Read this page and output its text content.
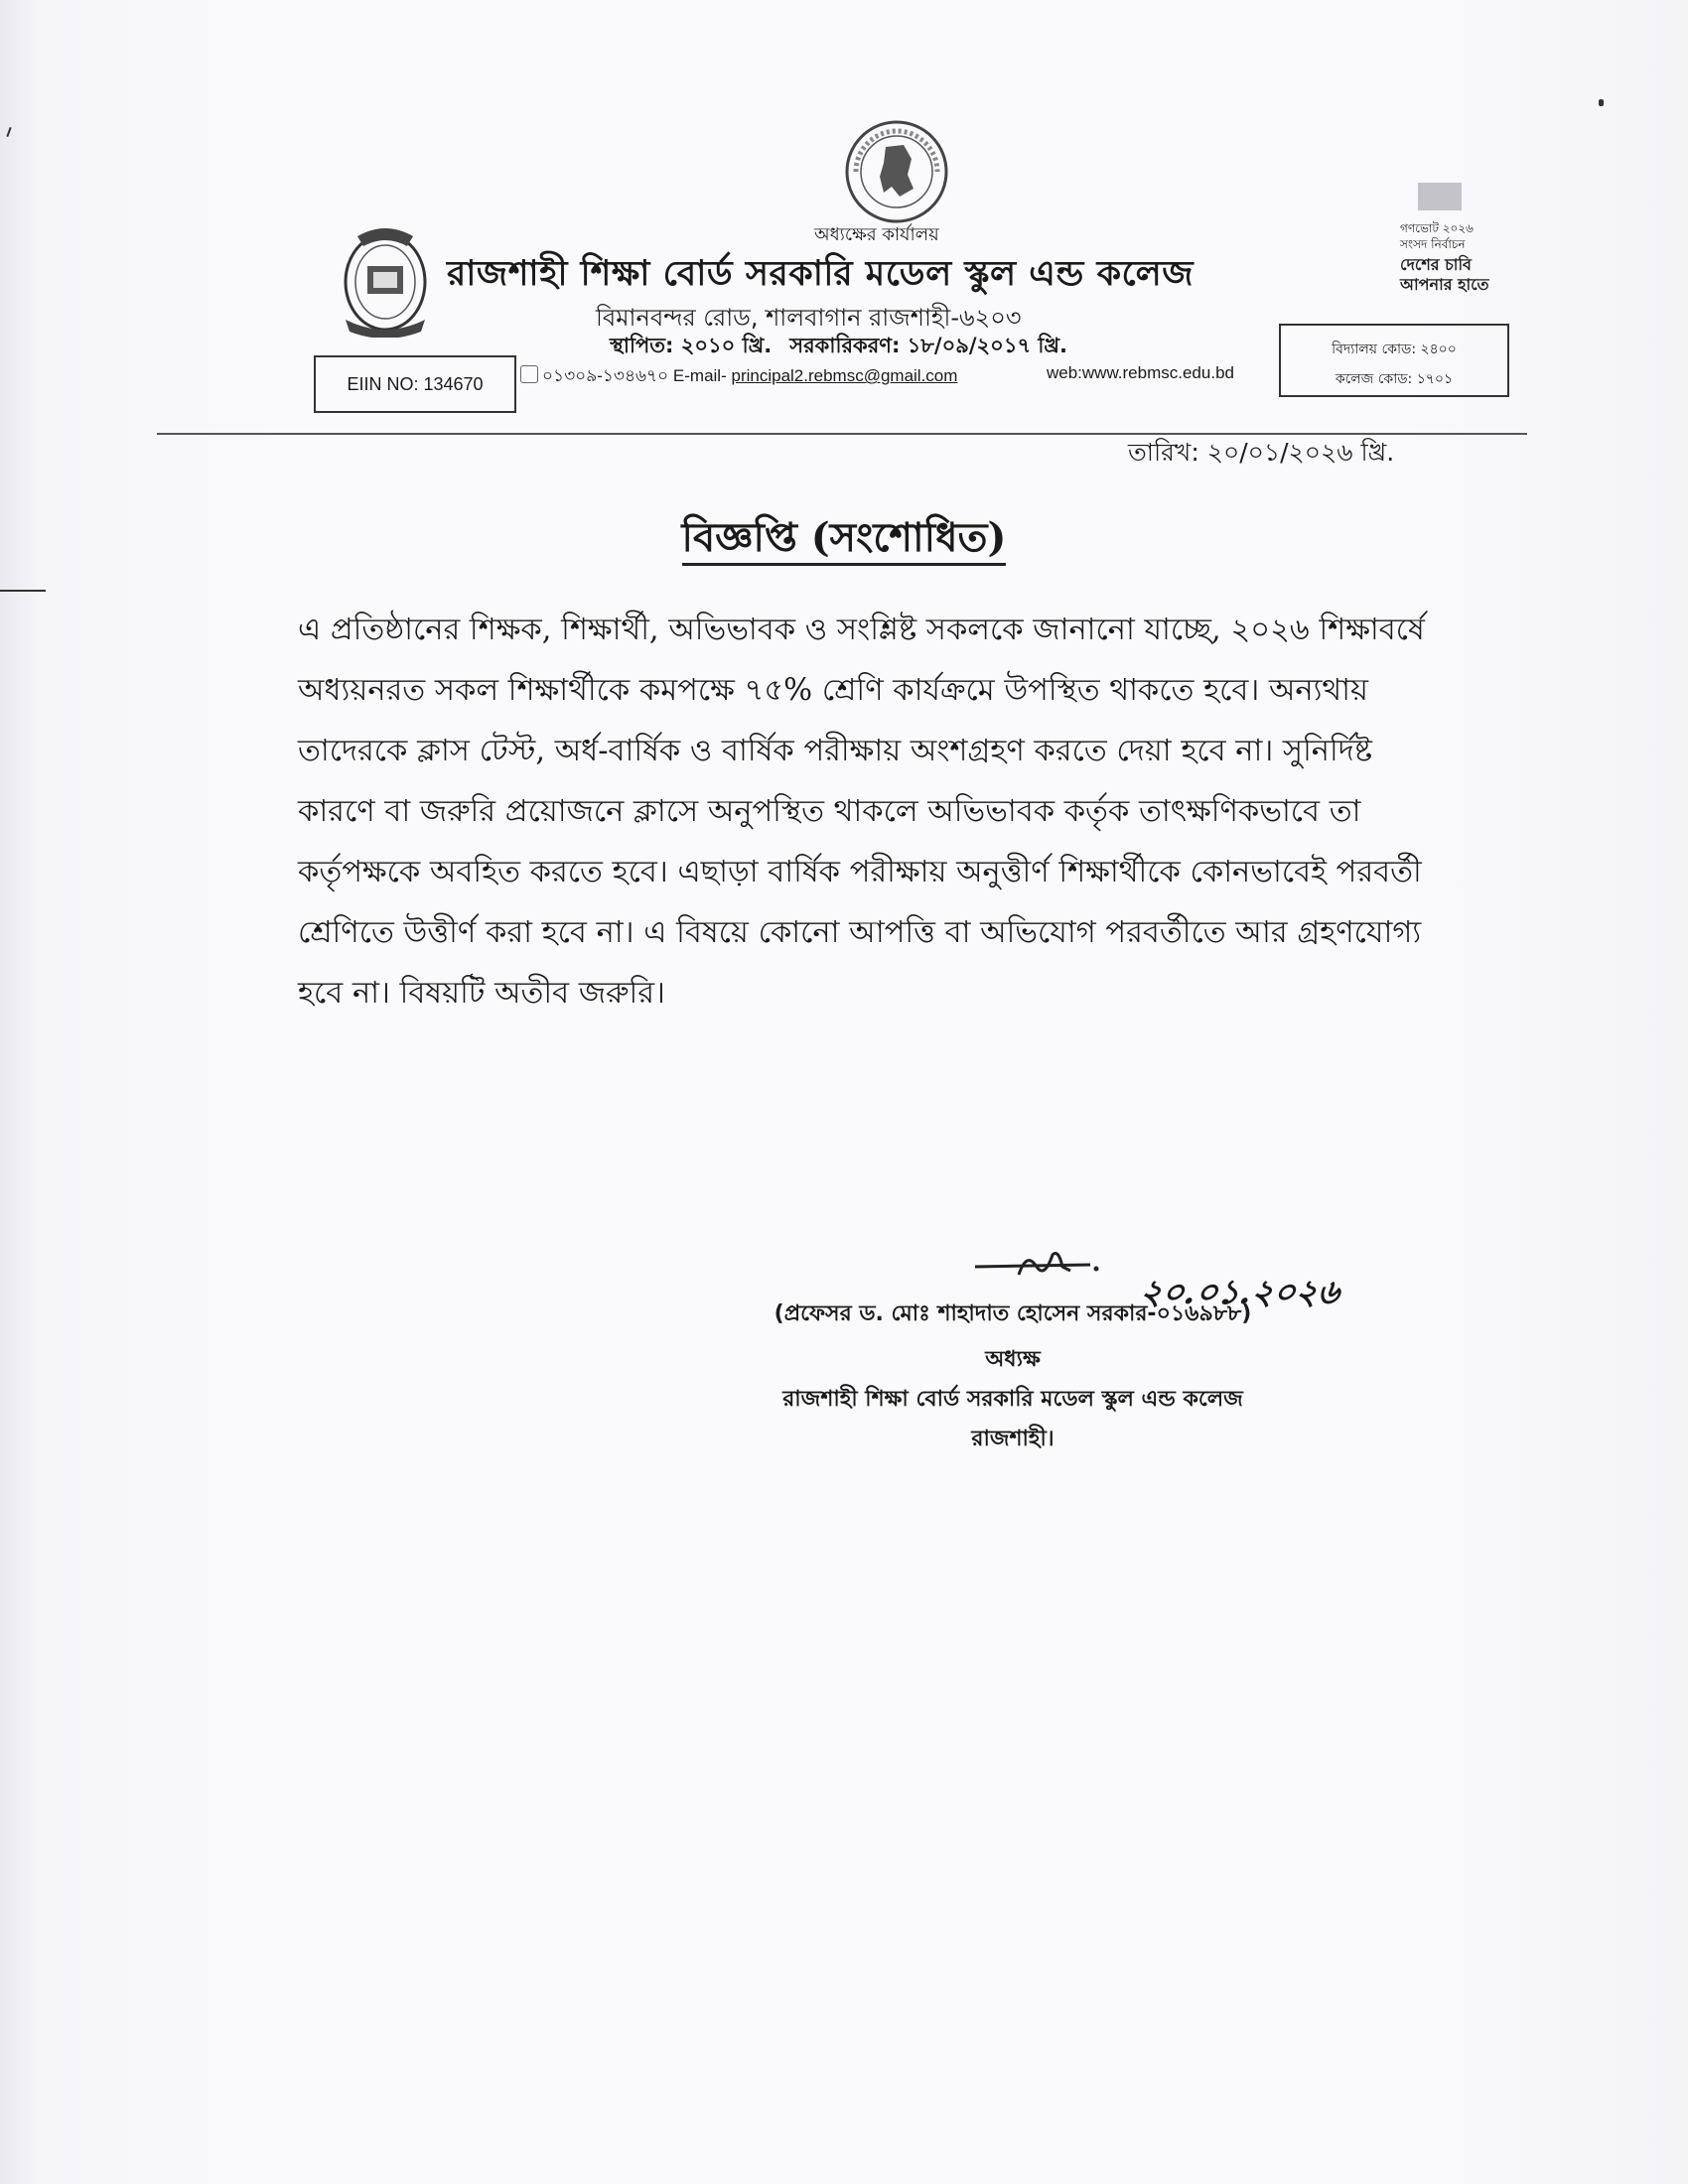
গণভোট ২০২৬
সংসদ নির্বাচন
দেশের চাবি
আপনার হাতে
অধ্যক্ষের কার্যালয়
রাজশাহী শিক্ষা বোর্ড সরকারি মডেল স্কুল এন্ড কলেজ
বিমানবন্দর রোড, শালবাগান রাজশাহী-৬২০৩
স্থাপিত: ২০১০ খ্রি. সরকারিকরণ: ১৮/০৯/২০১৭ খ্রি.
EIIN NO: 134670	০১৩০৯-১৩৪৬৭০ E-mail- principal2.rebmsc@gmail.com	web:www.rebmsc.edu.bd
বিদ্যালয় কোড: ২৪০০
কলেজ কোড: ১৭০১
তারিখ: ২০/০১/২০২৬ খ্রি.
বিজ্ঞপ্তি (সংশোধিত)
এ প্রতিষ্ঠানের শিক্ষক, শিক্ষার্থী, অভিভাবক ও সংশ্লিষ্ট সকলকে জানানো যাচ্ছে, ২০২৬ শিক্ষাবর্ষে
অধ্যয়নরত সকল শিক্ষার্থীকে কমপক্ষে ৭৫% শ্রেণি কার্যক্রমে উপস্থিত থাকতে হবে। অন্যথায়
তাদেরকে ক্লাস টেস্ট, অর্ধ-বার্ষিক ও বার্ষিক পরীক্ষায় অংশগ্রহণ করতে দেয়া হবে না। সুনির্দিষ্ট
কারণে বা জরুরি প্রয়োজনে ক্লাসে অনুপস্থিত থাকলে অভিভাবক কর্তৃক তাৎক্ষণিকভাবে তা
কর্তৃপক্ষকে অবহিত করতে হবে। এছাড়া বার্ষিক পরীক্ষায় অনুত্তীর্ণ শিক্ষার্থীকে কোনভাবেই পরবর্তী
শ্রেণিতে উত্তীর্ণ করা হবে না। এ বিষয়ে কোনো আপত্তি বা অভিযোগ পরবর্তীতে আর গ্রহণযোগ্য
হবে না। বিষয়টি অতীব জরুরি।
২০.০১.২০২৬
(প্রফেসর ড. মোঃ শাহাদাত হোসেন সরকার-০১৬৯৮৮)
অধ্যক্ষ
রাজশাহী শিক্ষা বোর্ড সরকারি মডেল স্কুল এন্ড কলেজ
রাজশাহী।
